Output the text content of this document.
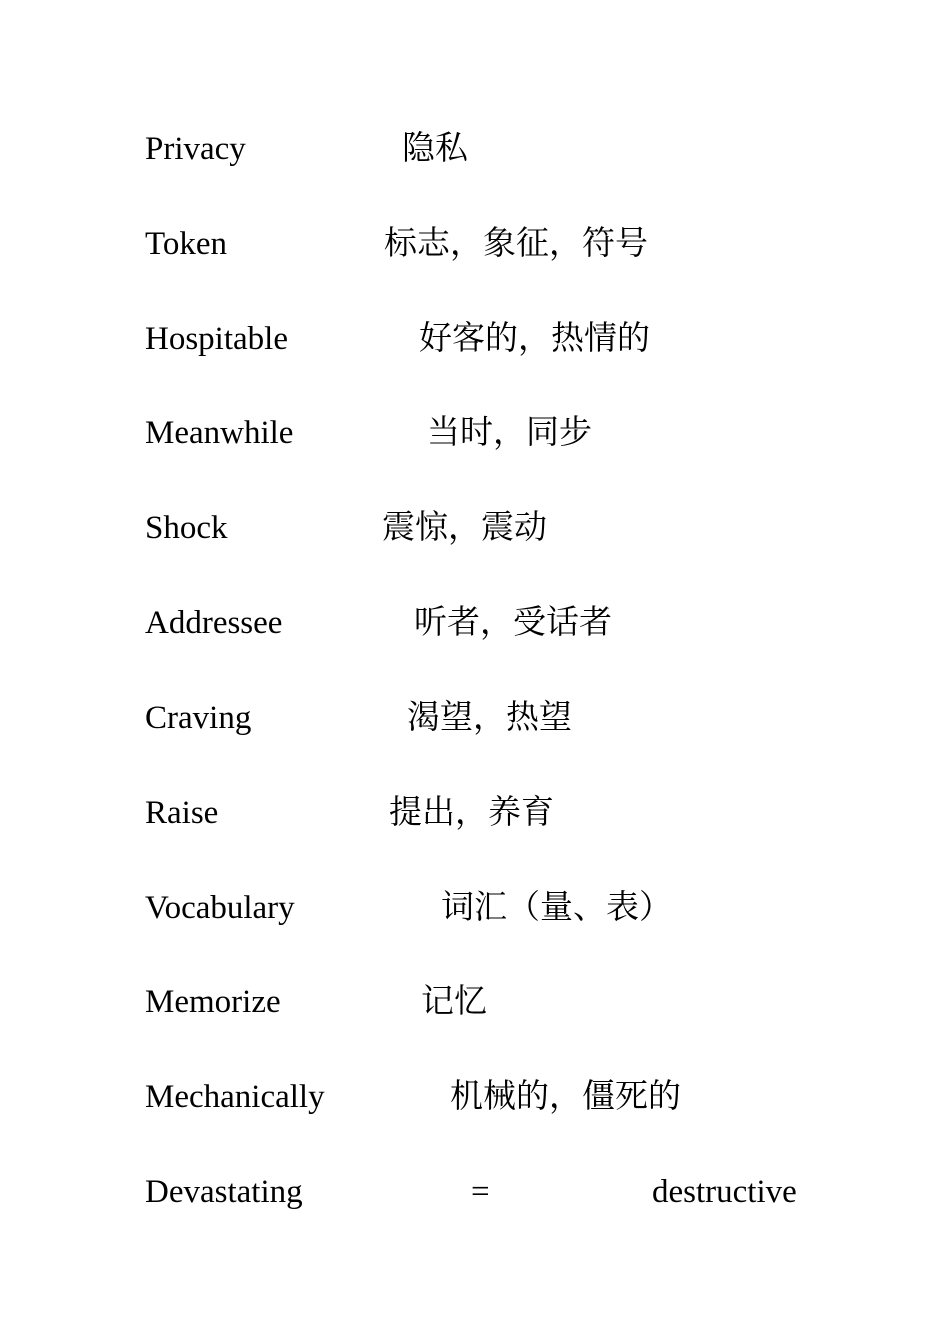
Privacy	隐私
Token	标志，象征，符号
Hospitable	好客的，热情的
Meanwhile	当时，同步
Shock	震惊，震动
Addressee	听者，受话者
Craving	渴望，热望
Raise	提出，养育
Vocabulary	词汇（量、表）
Memorize	记忆
Mechanically	机械的，僵死的
Devastating	=	destructive
